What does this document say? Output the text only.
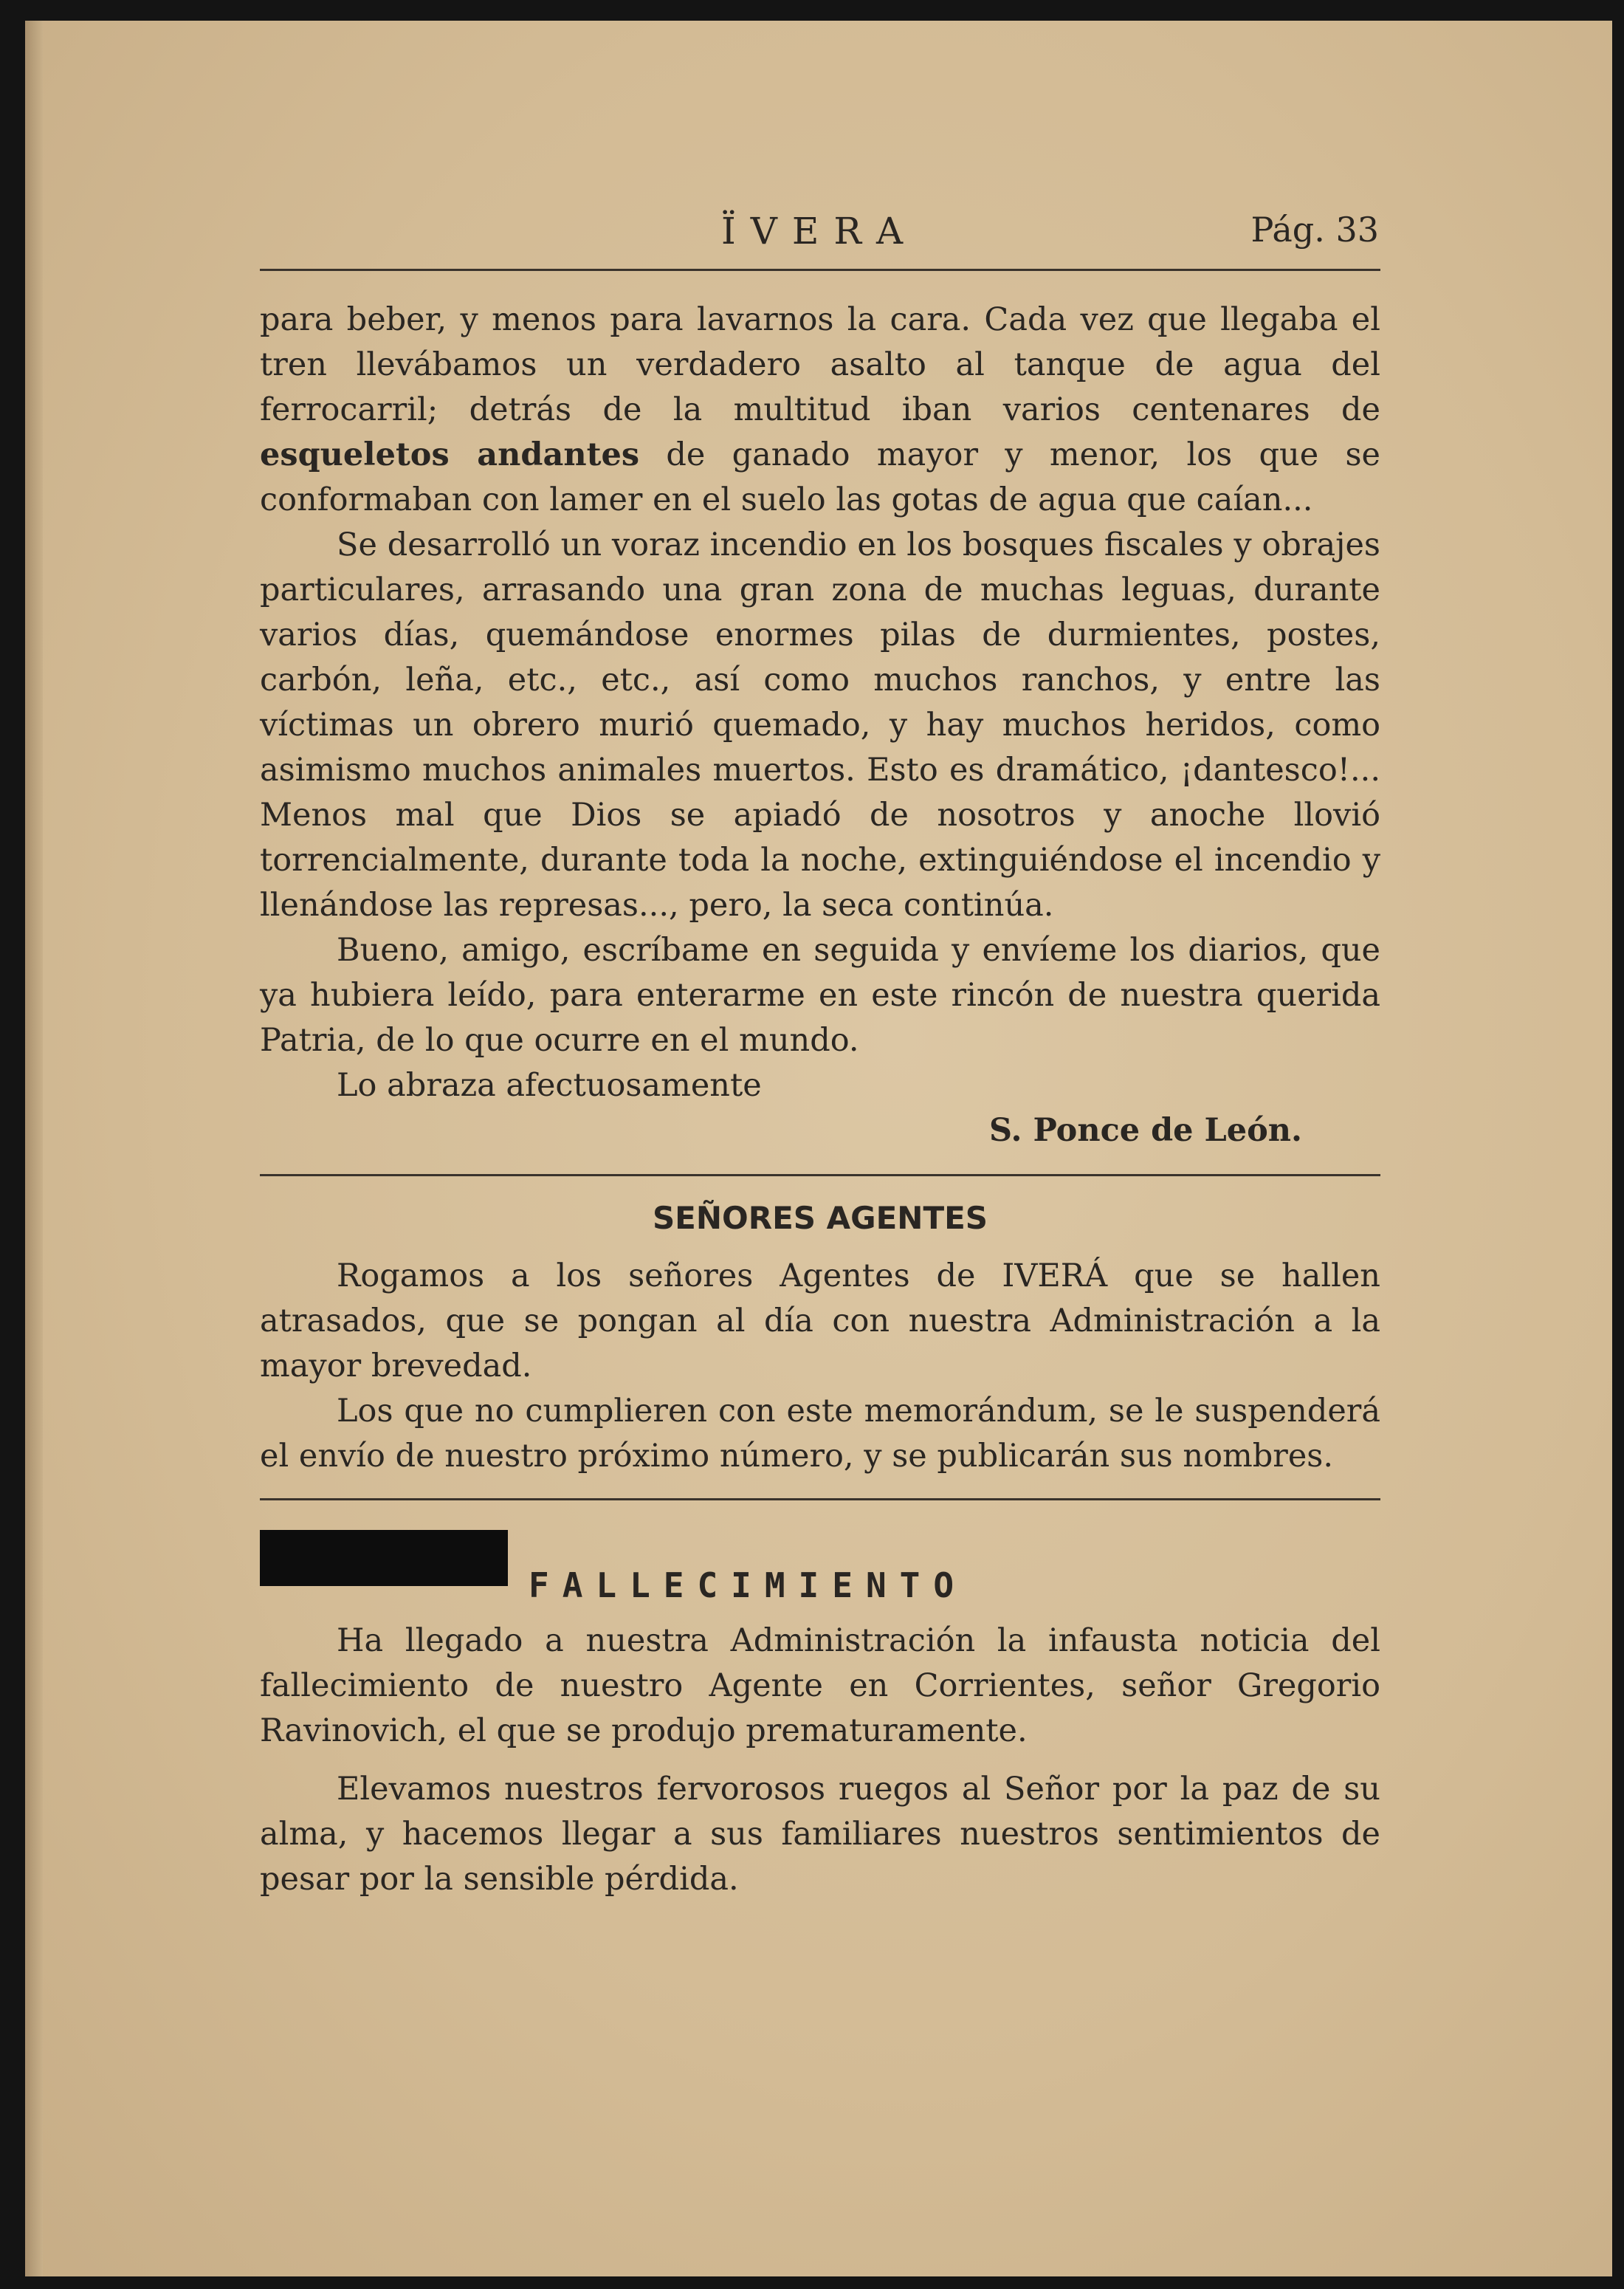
ÏVERA	Pág. 33

para beber, y menos para lavarnos la cara. Cada vez que llegaba el tren llevábamos un verdadero asalto al tanque de agua del ferrocarril; detrás de la multitud iban varios centenares de esqueletos andantes de ganado mayor y menor, los que se conformaban con lamer en el suelo las gotas de agua que caían...

Se desarrolló un voraz incendio en los bosques fiscales y obrajes particulares, arrasando una gran zona de muchas leguas, durante varios días, quemándose enormes pilas de durmientes, postes, carbón, leña, etc., etc., así como muchos ranchos, y entre las víctimas un obrero murió quemado, y hay muchos heridos, como asimismo muchos animales muertos. Esto es dramático, ¡dantesco!... Menos mal que Dios se apiadó de nosotros y anoche llovió torrencialmente, durante toda la noche, extinguiéndose el incendio y llenándose las represas..., pero, la seca continúa.

Bueno, amigo, escríbame en seguida y envíeme los diarios, que ya hubiera leído, para enterarme en este rincón de nuestra querida Patria, de lo que ocurre en el mundo.

Lo abraza afectuosamente

S. Ponce de León.
SEÑORES AGENTES

Rogamos a los señores Agentes de IVERÁ que se hallen atrasados, que se pongan al día con nuestra Administración a la mayor brevedad.

Los que no cumplieren con este memorándum, se le suspenderá el envío de nuestro próximo número, y se publicarán sus nombres.

FALLECIMIENTO

Ha llegado a nuestra Administración la infausta noticia del fallecimiento de nuestro Agente en Corrientes, señor Gregorio Ravinovich, el que se produjo prematuramente.

Elevamos nuestros fervorosos ruegos al Señor por la paz de su alma, y hacemos llegar a sus familiares nuestros sentimientos de pesar por la sensible pérdida.
